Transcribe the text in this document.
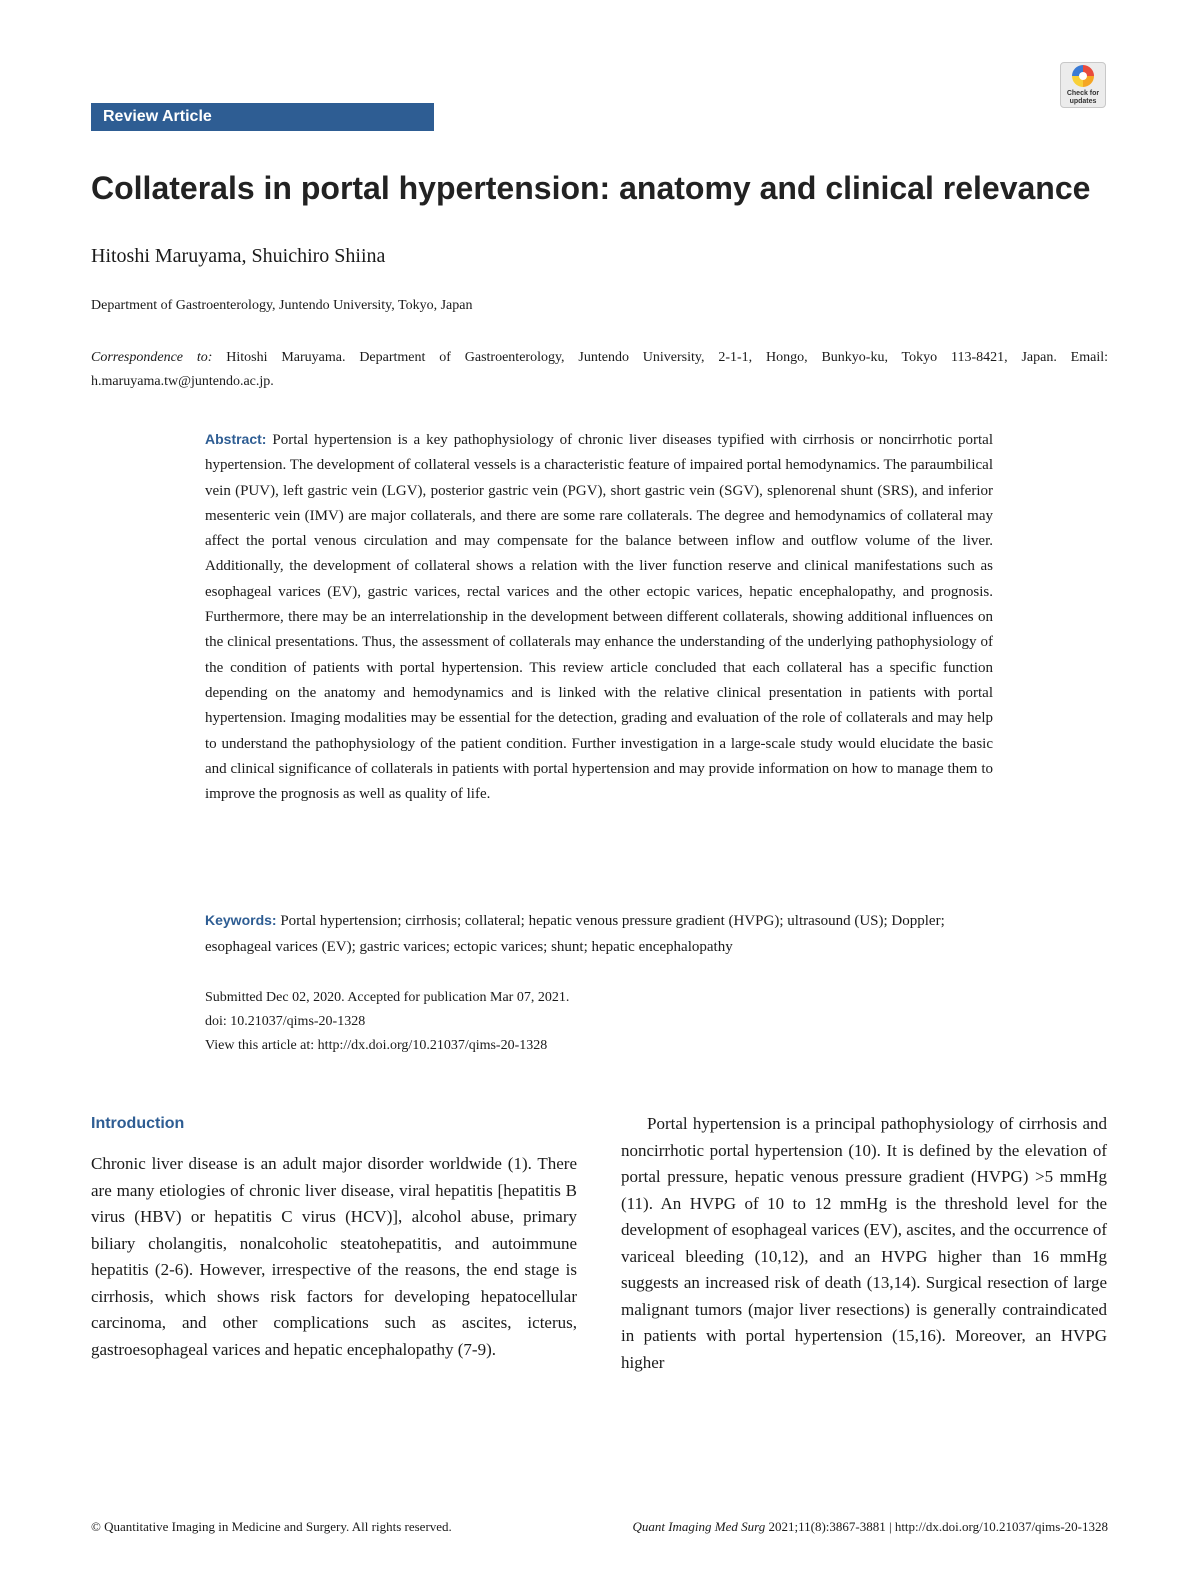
Review Article
Check for updates
Collaterals in portal hypertension: anatomy and clinical relevance
Hitoshi Maruyama, Shuichiro Shiina
Department of Gastroenterology, Juntendo University, Tokyo, Japan
Correspondence to: Hitoshi Maruyama. Department of Gastroenterology, Juntendo University, 2-1-1, Hongo, Bunkyo-ku, Tokyo 113-8421, Japan. Email: h.maruyama.tw@juntendo.ac.jp.
Abstract: Portal hypertension is a key pathophysiology of chronic liver diseases typified with cirrhosis or noncirrhotic portal hypertension. The development of collateral vessels is a characteristic feature of impaired portal hemodynamics. The paraumbilical vein (PUV), left gastric vein (LGV), posterior gastric vein (PGV), short gastric vein (SGV), splenorenal shunt (SRS), and inferior mesenteric vein (IMV) are major collaterals, and there are some rare collaterals. The degree and hemodynamics of collateral may affect the portal venous circulation and may compensate for the balance between inflow and outflow volume of the liver. Additionally, the development of collateral shows a relation with the liver function reserve and clinical manifestations such as esophageal varices (EV), gastric varices, rectal varices and the other ectopic varices, hepatic encephalopathy, and prognosis. Furthermore, there may be an interrelationship in the development between different collaterals, showing additional influences on the clinical presentations. Thus, the assessment of collaterals may enhance the understanding of the underlying pathophysiology of the condition of patients with portal hypertension. This review article concluded that each collateral has a specific function depending on the anatomy and hemodynamics and is linked with the relative clinical presentation in patients with portal hypertension. Imaging modalities may be essential for the detection, grading and evaluation of the role of collaterals and may help to understand the pathophysiology of the patient condition. Further investigation in a large-scale study would elucidate the basic and clinical significance of collaterals in patients with portal hypertension and may provide information on how to manage them to improve the prognosis as well as quality of life.
Keywords: Portal hypertension; cirrhosis; collateral; hepatic venous pressure gradient (HVPG); ultrasound (US); Doppler; esophageal varices (EV); gastric varices; ectopic varices; shunt; hepatic encephalopathy
Submitted Dec 02, 2020. Accepted for publication Mar 07, 2021.
doi: 10.21037/qims-20-1328
View this article at: http://dx.doi.org/10.21037/qims-20-1328
Introduction
Chronic liver disease is an adult major disorder worldwide (1). There are many etiologies of chronic liver disease, viral hepatitis [hepatitis B virus (HBV) or hepatitis C virus (HCV)], alcohol abuse, primary biliary cholangitis, nonalcoholic steatohepatitis, and autoimmune hepatitis (2-6). However, irrespective of the reasons, the end stage is cirrhosis, which shows risk factors for developing hepatocellular carcinoma, and other complications such as ascites, icterus, gastroesophageal varices and hepatic encephalopathy (7-9).
Portal hypertension is a principal pathophysiology of cirrhosis and noncirrhotic portal hypertension (10). It is defined by the elevation of portal pressure, hepatic venous pressure gradient (HVPG) >5 mmHg (11). An HVPG of 10 to 12 mmHg is the threshold level for the development of esophageal varices (EV), ascites, and the occurrence of variceal bleeding (10,12), and an HVPG higher than 16 mmHg suggests an increased risk of death (13,14). Surgical resection of large malignant tumors (major liver resections) is generally contraindicated in patients with portal hypertension (15,16). Moreover, an HVPG higher
© Quantitative Imaging in Medicine and Surgery. All rights reserved.	Quant Imaging Med Surg 2021;11(8):3867-3881 | http://dx.doi.org/10.21037/qims-20-1328
